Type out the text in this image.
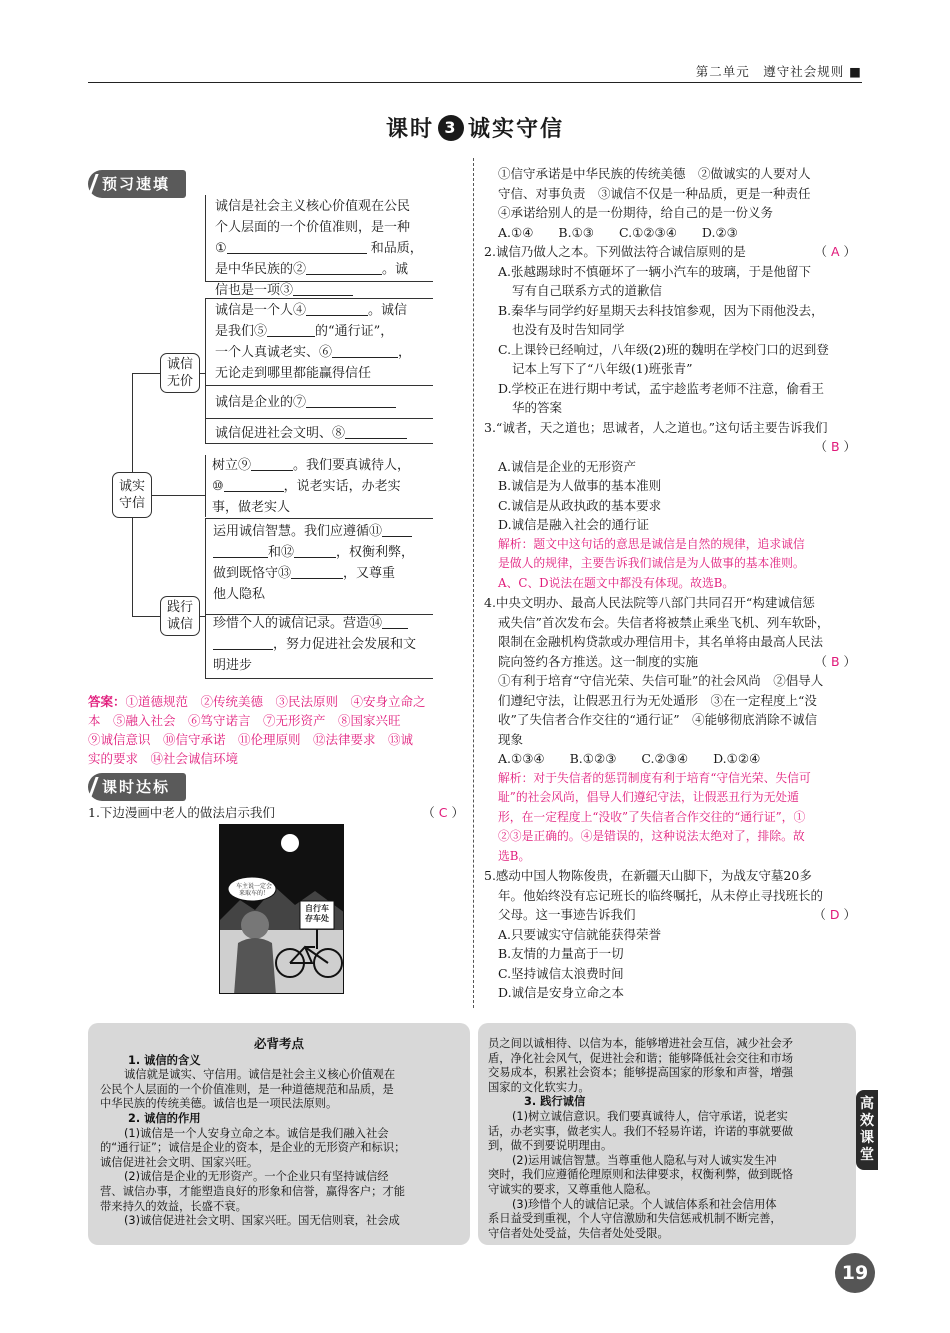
第二单元　遵守社会规则 ■
课时 3 诚实守信
预习速填
诚实守信
诚信无价
践行诚信
诚信是社会主义核心价值观在公民
个人层面的一个价值准则，是一种
①	和品质，
是中华民族的②	。诚
信也是一项③
诚信是一个人④	。诚信
是我们⑤	的“通行证”，
一个人真诚老实、⑥	，
无论走到哪里都能赢得信任
诚信是企业的⑦
诚信促进社会文明、⑧
树立⑨	。我们要真诚待人，
⑩	，说老实话，办老实
事，做老实人
运用诚信智慧。我们应遵循⑪
和⑫	，权衡利弊，
做到既恪守⑬	，又尊重
他人隐私
珍惜个人的诚信记录。营造⑭
，努力促进社会发展和文
明进步
答案：①道德规范　②传统美德　③民法原则　④安身立命之
本　⑤融入社会　⑥笃守诺言　⑦无形资产　⑧国家兴旺
⑨诚信意识　⑩信守承诺　⑪伦理原则　⑫法律要求　⑬诚
实的要求　⑭社会诚信环境
课时达标
1.下边漫画中老人的做法启示我们	（ C ）
车主说一定会来取车的！
自行车存车处
①信守承诺是中华民族的传统美德　②做诚实的人要对人
守信、对事负责　③诚信不仅是一种品质，更是一种责任
④承诺给别人的是一份期待，给自己的是一份义务
A.①④　　B.①③　　C.①②③④　　D.②③
2.诚信乃做人之本。下列做法符合诚信原则的是	（ A ）
A.张越踢球时不慎砸坏了一辆小汽车的玻璃，于是他留下
写有自己联系方式的道歉信
B.秦华与同学约好星期天去科技馆参观，因为下雨他没去，
也没有及时告知同学
C.上课铃已经响过，八年级(2)班的魏明在学校门口的迟到登
记本上写下了“八年级(1)班张青”
D.学校正在进行期中考试，孟宇趁监考老师不注意，偷看王
华的答案
3.“诚者，天之道也；思诚者，人之道也。”这句话主要告诉我们
（ B ）
A.诚信是企业的无形资产
B.诚信是为人做事的基本准则
C.诚信是从政执政的基本要求
D.诚信是融入社会的通行证
解析：题文中这句话的意思是诚信是自然的规律，追求诚信
是做人的规律，主要告诉我们诚信是为人做事的基本准则。
A、C、D说法在题文中都没有体现。故选B。
4.中央文明办、最高人民法院等八部门共同召开“构建诚信惩
戒失信”首次发布会。失信者将被禁止乘坐飞机、列车软卧，
限制在金融机构贷款或办理信用卡，其名单将由最高人民法
院向签约各方推送。这一制度的实施	（ B ）
①有利于培育“守信光荣、失信可耻”的社会风尚　②倡导人
们遵纪守法，让假恶丑行为无处遁形　③在一定程度上“没
收”了失信者合作交往的“通行证”　④能够彻底消除不诚信
现象
A.①③④　　B.①②③　　C.②③④　　D.①②④
解析：对于失信者的惩罚制度有利于培育“守信光荣、失信可
耻”的社会风尚，倡导人们遵纪守法，让假恶丑行为无处遁
形，在一定程度上“没收”了失信者合作交往的“通行证”，①
②③是正确的。④是错误的，这种说法太绝对了，排除。故
选B。
5.感动中国人物陈俊贵，在新疆天山脚下，为战友守墓20多
年。他始终没有忘记班长的临终嘱托，从未停止寻找班长的
父母。这一事迹告诉我们	（ D ）
A.只要诚实守信就能获得荣誉
B.友情的力量高于一切
C.坚持诚信太浪费时间
D.诚信是安身立命之本
必背考点
1. 诚信的含义
诚信就是诚实、守信用。诚信是社会主义核心价值观在
公民个人层面的一个价值准则，是一种道德规范和品质，是
中华民族的传统美德。诚信也是一项民法原则。
2. 诚信的作用
(1)诚信是一个人安身立命之本。诚信是我们融入社会
的“通行证”；诚信是企业的资本，是企业的无形资产和标识；
诚信促进社会文明、国家兴旺。
(2)诚信是企业的无形资产。一个企业只有坚持诚信经
营、诚信办事，才能塑造良好的形象和信誉，赢得客户；才能
带来持久的效益，长盛不衰。
(3)诚信促进社会文明、国家兴旺。国无信则衰，社会成
员之间以诚相待、以信为本，能够增进社会互信，减少社会矛
盾，净化社会风气，促进社会和谐；能够降低社会交往和市场
交易成本，积累社会资本；能够提高国家的形象和声誉，增强
国家的文化软实力。
3. 践行诚信
(1)树立诚信意识。我们要真诚待人，信守承诺，说老实
话，办老实事，做老实人。我们不轻易许诺，许诺的事就要做
到，做不到要说明理由。
(2)运用诚信智慧。当尊重他人隐私与对人诚实发生冲
突时，我们应遵循伦理原则和法律要求，权衡利弊，做到既恪
守诚实的要求，又尊重他人隐私。
(3)珍惜个人的诚信记录。个人诚信体系和社会信用体
系日益受到重视，个人守信激励和失信惩戒机制不断完善，
守信者处处受益，失信者处处受限。
高效课堂
19
